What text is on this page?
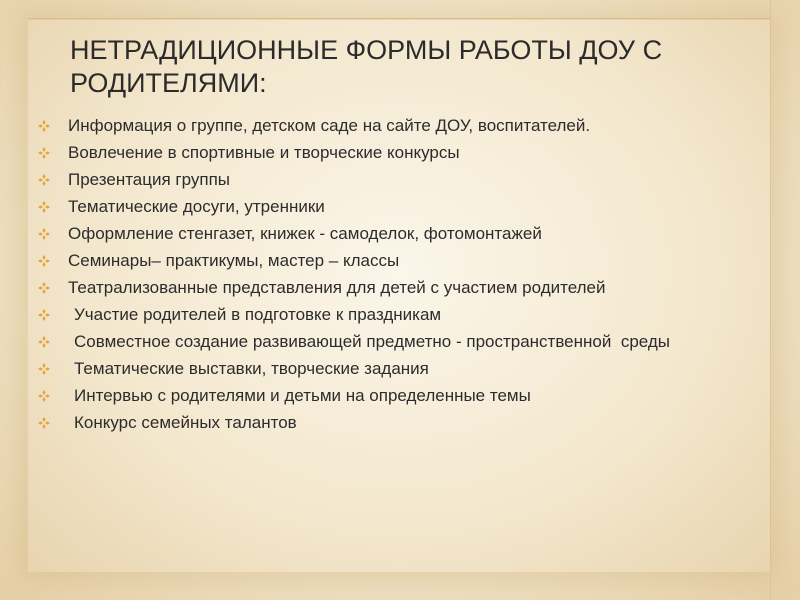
НЕТРАДИЦИОННЫЕ ФОРМЫ РАБОТЫ ДОУ С РОДИТЕЛЯМИ:
Информация о группе, детском саде на сайте ДОУ, воспитателей.
Вовлечение в спортивные и творческие конкурсы
Презентация группы
Тематические досуги, утренники
Оформление стенгазет, книжек - самоделок, фотомонтажей
Семинары– практикумы, мастер – классы
Театрализованные представления для детей с участием родителей
Участие родителей в подготовке к праздникам
Совместное создание развивающей предметно - пространственной  среды
Тематические выставки, творческие задания
Интервью с родителями и детьми на определенные темы
Конкурс семейных талантов
